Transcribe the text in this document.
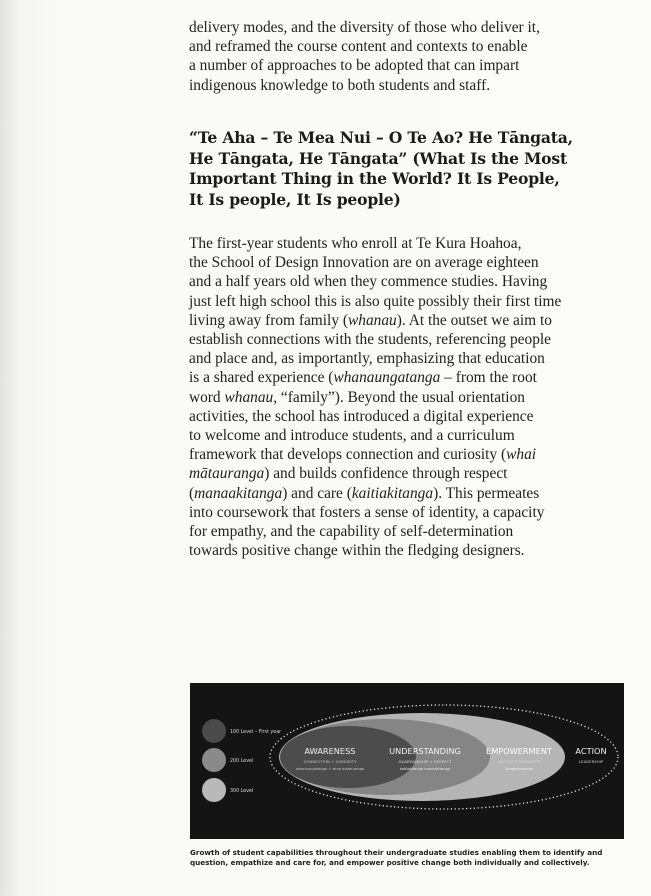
delivery modes, and the diversity of those who deliver it,
and reframed the course content and contexts to enable
a number of approaches to be adopted that can impart
indigenous knowledge to both students and staff.
“Te Aha – Te Mea Nui – O Te Ao? He Tāngata,
He Tāngata, He Tāngata” (What Is the Most
Important Thing in the World? It Is People,
It Is people, It Is people)
The first-year students who enroll at Te Kura Hoahoa,
the School of Design Innovation are on average eighteen
and a half years old when they commence studies. Having
just left high school this is also quite possibly their first time
living away from family (whanau). At the outset we aim to
establish connections with the students, referencing people
and place and, as importantly, emphasizing that education
is a shared experience (whanaungatanga – from the root
word whanau, “family”). Beyond the usual orientation
activities, the school has introduced a digital experience
to welcome and introduce students, and a curriculum
framework that develops connection and curiosity (whai
mātauranga) and builds confidence through respect
(manaakitanga) and care (kaitiakitanga). This permeates
into coursework that fosters a sense of identity, a capacity
for empathy, and the capability of self-determination
towards positive change within the fledging designers.
100 Level – First year
200 Level
300 Level
AWARENESS
CONNECTION + CURIOSITY
whanaungatanga + whai matauranga
UNDERSTANDING
GUARDIANSHIP + RESPECT
kaitiakitanga manaakitanga
EMPOWERMENT
SELF-DETERMINATION
Rangatiratanga
ACTION
LEADERSHIP
Growth of student capabilities throughout their undergraduate studies enabling them to identify and
question, empathize and care for, and empower positive change both individually and collectively.
